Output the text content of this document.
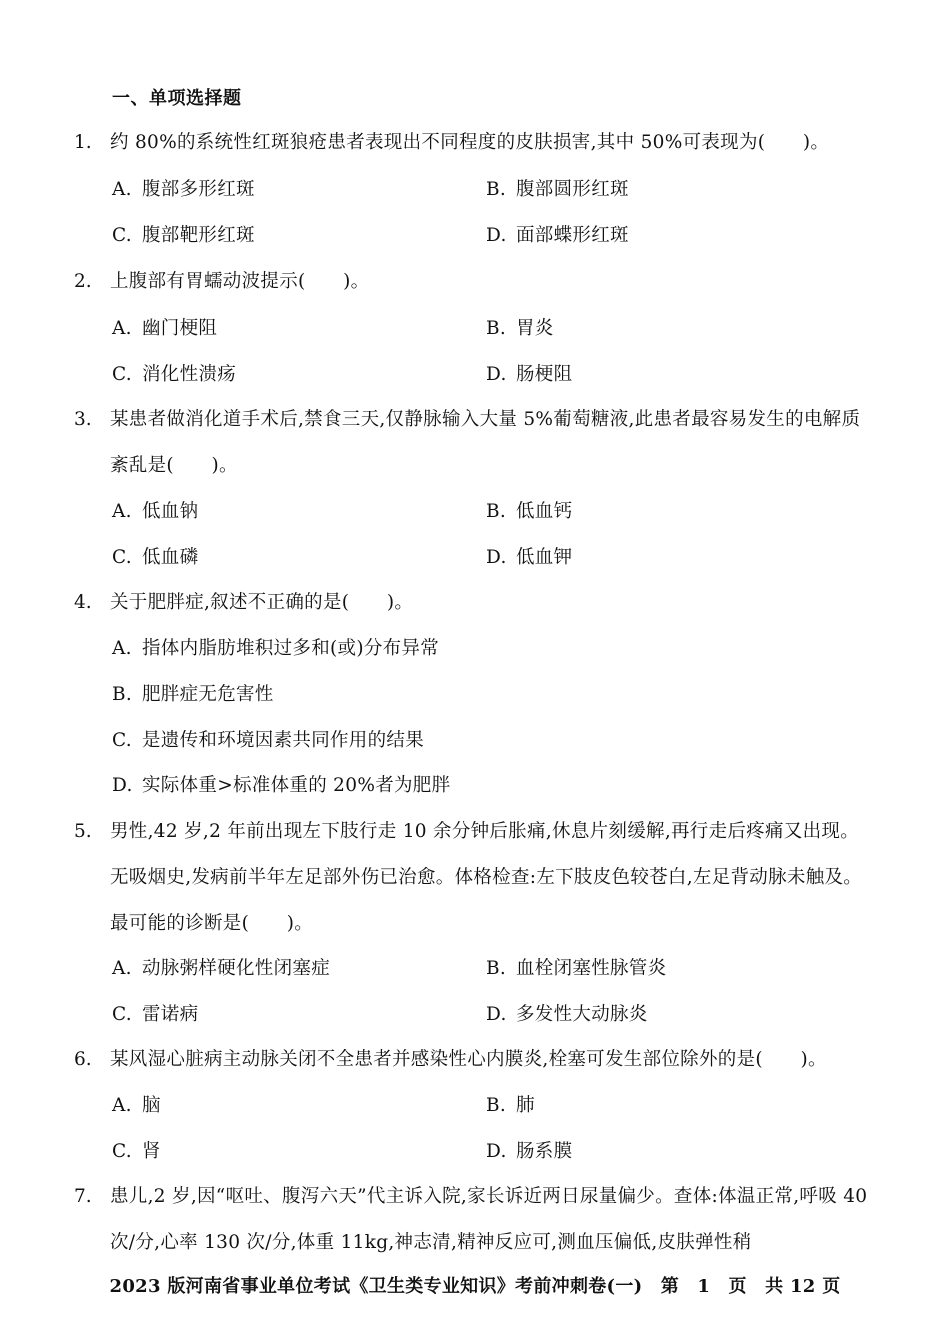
一、单项选择题
1. 约 80%的系统性红斑狼疮患者表现出不同程度的皮肤损害,其中 50%可表现为(　　)。
A. 腹部多形红斑	B. 腹部圆形红斑
C. 腹部靶形红斑	D. 面部蝶形红斑
2. 上腹部有胃蠕动波提示(　　)。
A. 幽门梗阻	B. 胃炎
C. 消化性溃疡	D. 肠梗阻
3. 某患者做消化道手术后,禁食三天,仅静脉输入大量 5%葡萄糖液,此患者最容易发生的电解质紊乱是(　　)。
A. 低血钠	B. 低血钙
C. 低血磷	D. 低血钾
4. 关于肥胖症,叙述不正确的是(　　)。
A. 指体内脂肪堆积过多和(或)分布异常
B. 肥胖症无危害性
C. 是遗传和环境因素共同作用的结果
D. 实际体重>标准体重的 20%者为肥胖
5. 男性,42 岁,2 年前出现左下肢行走 10 余分钟后胀痛,休息片刻缓解,再行走后疼痛又出现。无吸烟史,发病前半年左足部外伤已治愈。体格检查:左下肢皮色较苍白,左足背动脉未触及。最可能的诊断是(　　)。
A. 动脉粥样硬化性闭塞症	B. 血栓闭塞性脉管炎
C. 雷诺病	D. 多发性大动脉炎
6. 某风湿心脏病主动脉关闭不全患者并感染性心内膜炎,栓塞可发生部位除外的是(　　)。
A. 脑	B. 肺
C. 肾	D. 肠系膜
7. 患儿,2 岁,因“呕吐、腹泻六天”代主诉入院,家长诉近两日尿量偏少。查体:体温正常,呼吸 40 次/分,心率 130 次/分,体重 11kg,神志清,精神反应可,测血压偏低,皮肤弹性稍
2023 版河南省事业单位考试《卫生类专业知识》考前冲刺卷(一)　第　1　页　共 12 页
